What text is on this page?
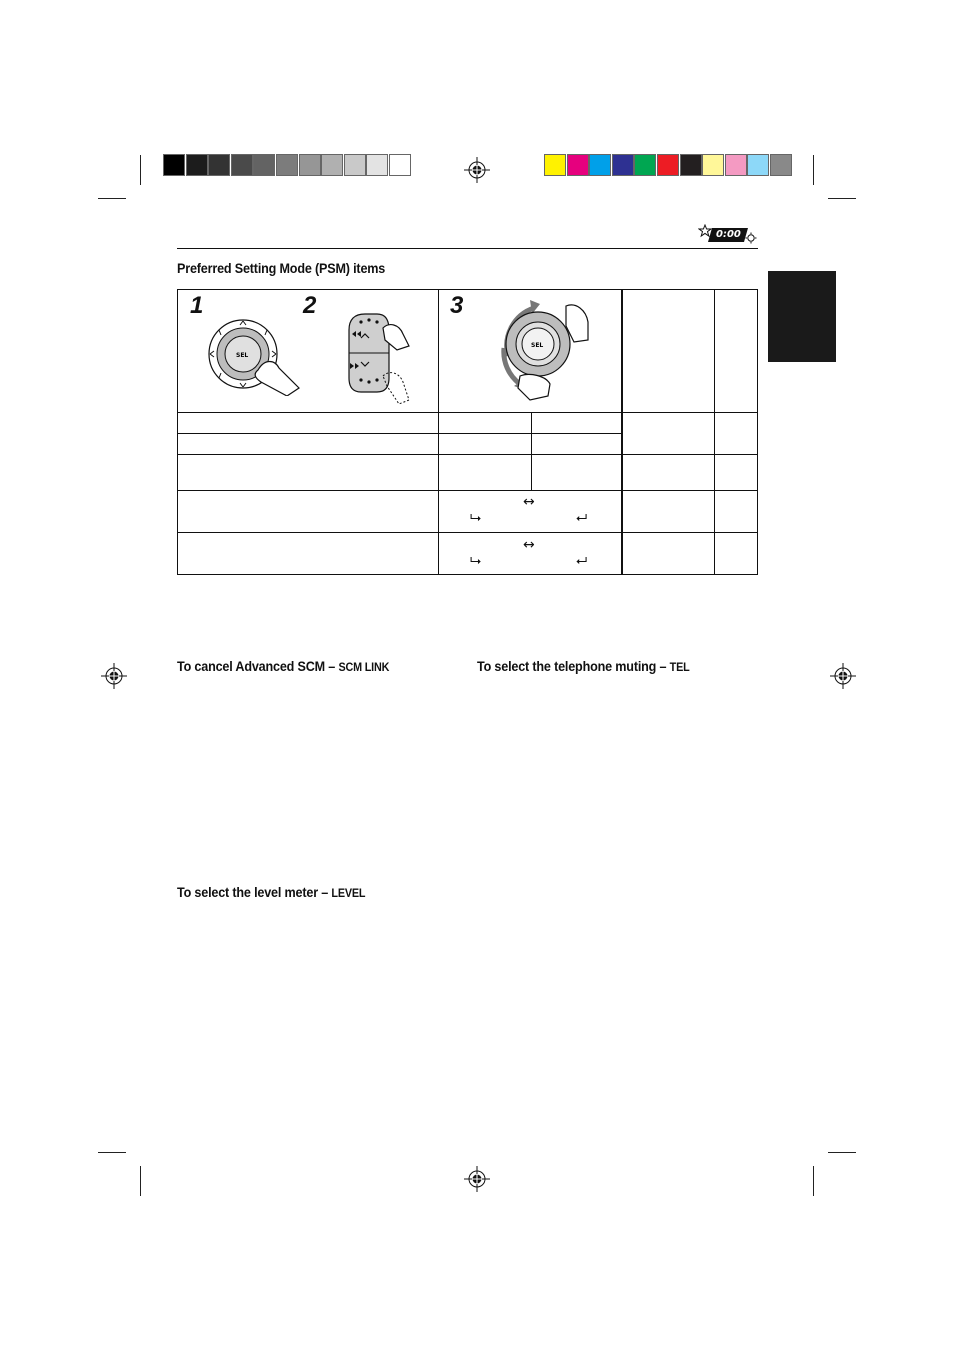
0:00
Preferred Setting Mode (PSM) items
1	2	3
SEL
SEL
↔
⮡	⮠
↔
⮡	⮠
To cancel Advanced SCM – SCM LINK	To select the telephone muting – TEL
To select the level meter – LEVEL
